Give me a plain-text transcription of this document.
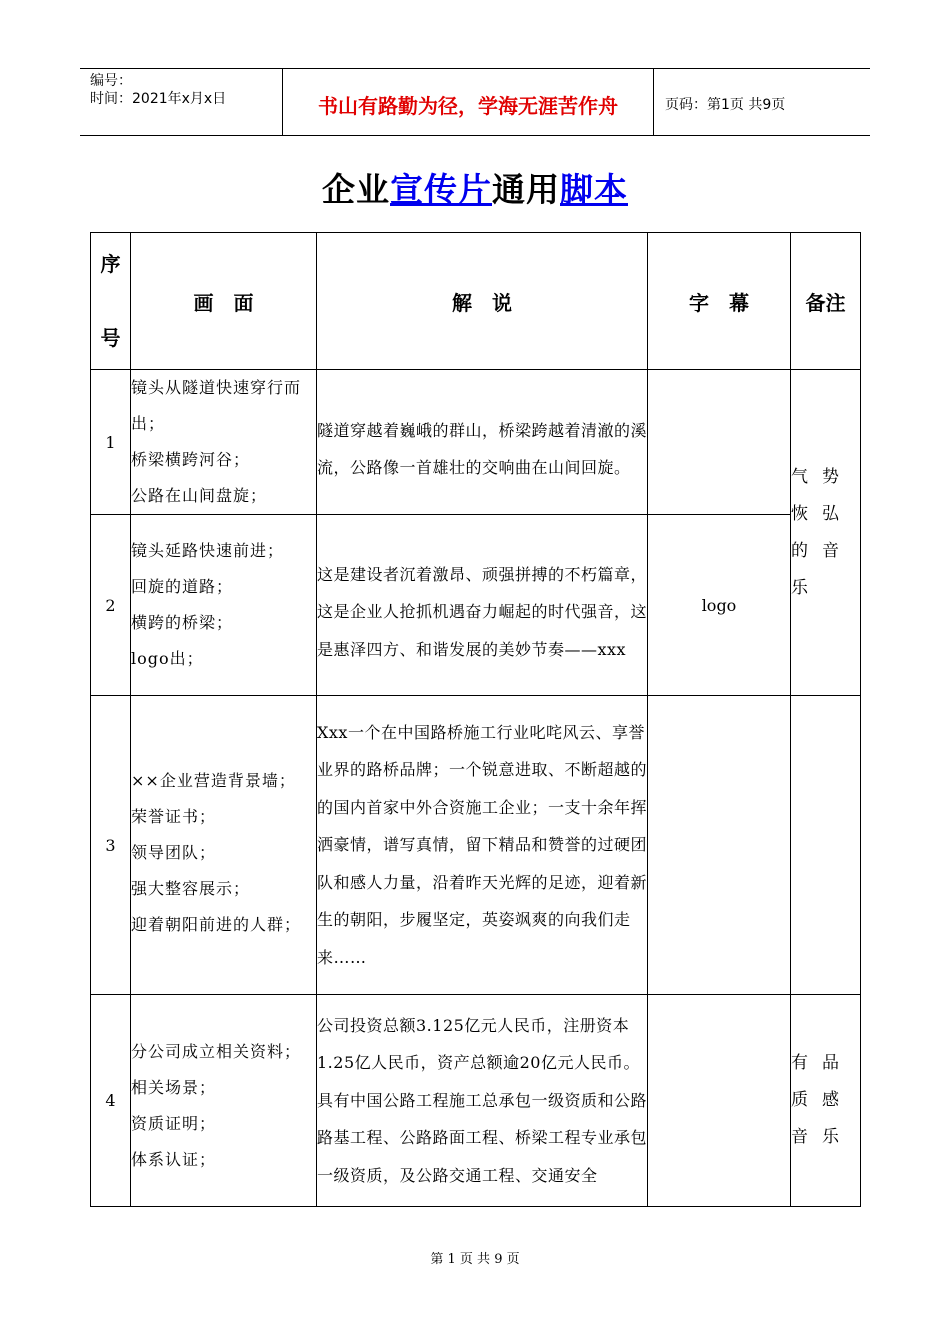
编号：
时间：2021年x月x日	书山有路勤为径，学海无涯苦作舟	页码：第1页 共9页
企业宣传片通用脚本
序
号	画　面	解　说	字　幕	备注
1	镜头从隧道快速穿行而出；
桥梁横跨河谷；
公路在山间盘旋；	隧道穿越着巍峨的群山，桥梁跨越着清澈的溪流，公路像一首雄壮的交响曲在山间回旋。		气势恢弘的音乐
2	镜头延路快速前进；
回旋的道路；
横跨的桥梁；
logo出；	这是建设者沉着激昂、顽强拼搏的不朽篇章，这是企业人抢抓机遇奋力崛起的时代强音，这是惠泽四方、和谐发展的美妙节奏——xxx	logo	
3	××企业营造背景墙；
荣誉证书；
领导团队；
强大整容展示；
迎着朝阳前进的人群；	Xxx一个在中国路桥施工行业叱咤风云、享誉业界的路桥品牌；一个锐意进取、不断超越的的国内首家中外合资施工企业；一支十余年挥洒豪情，谱写真情，留下精品和赞誉的过硬团队和感人力量，沿着昨天光辉的足迹，迎着新生的朝阳，步履坚定，英姿飒爽的向我们走来……		
4	分公司成立相关资料；
相关场景；
资质证明；
体系认证；	公司投资总额3.125亿元人民币，注册资本1.25亿人民币，资产总额逾20亿元人民币。具有中国公路工程施工总承包一级资质和公路路基工程、公路路面工程、桥梁工程专业承包一级资质，及公路交通工程、交通安全		有品质感音乐
第 1 页 共 9 页
